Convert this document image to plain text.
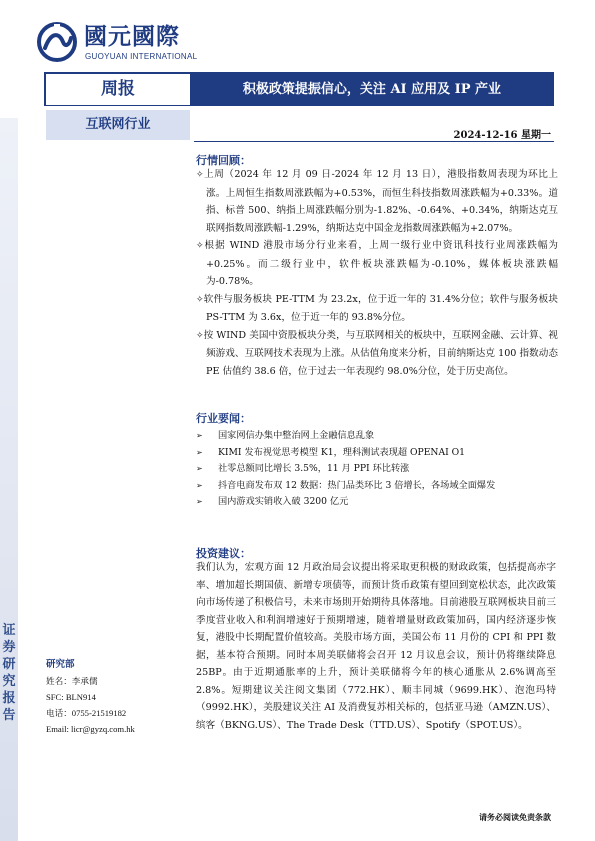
证券研究报告
國元國際
GUOYUAN INTERNATIONAL
周报	积极政策提振信心，关注 AI 应用及 IP 产业
互联网行业
2024-12-16 星期一
行情回顾：
✧上周（2024 年 12 月 09 日-2024 年 12 月 13 日），港股指数周表现为环比上涨。上周恒生指数周涨跌幅为+0.53%，而恒生科技指数周涨跌幅为+0.33%。道指、标普 500、纳指上周涨跌幅分别为-1.82%、-0.64%、+0.34%，纳斯达克互联网指数周涨跌幅-1.29%，纳斯达克中国金龙指数周涨跌幅为+2.07%。
✧根据 WIND 港股市场分行业来看，上周一级行业中资讯科技行业周涨跌幅为+0.25%。而二级行业中，软件板块涨跌幅为-0.10%，媒体板块涨跌幅为-0.78%。
✧软件与服务板块 PE-TTM 为 23.2x，位于近一年的 31.4%分位；软件与服务板块 PS-TTM 为 3.6x，位于近一年的 93.8%分位。
✧按 WIND 美国中资股板块分类，与互联网相关的板块中，互联网金融、云计算、视频游戏、互联网技术表现为上涨。从估值角度来分析，目前纳斯达克 100 指数动态 PE 估值约 38.6 倍，位于过去一年表现约 98.0%分位，处于历史高位。
行业要闻：
➢ 国家网信办集中整治网上金融信息乱象
➢ KIMI 发布视觉思考模型 K1，理科测试表现超 OPENAI O1
➢ 社零总额同比增长 3.5%，11 月 PPI 环比转涨
➢ 抖音电商发布双 12 数据：热门品类环比 3 倍增长，各场域全面爆发
➢ 国内游戏实销收入破 3200 亿元
投资建议：
我们认为，宏观方面 12 月政治局会议提出将采取更积极的财政政策，包括提高赤字率、增加超长期国债、新增专项债等，而预计货币政策有望回到宽松状态，此次政策向市场传递了积极信号，未来市场則开始期待具体落地。目前港股互联网板块目前三季度营业收入和利润增速好于预期增速，随着增量财政政策加码，国内经济逐步恢复，港股中长期配置价值较高。美股市场方面，美国公布 11 月份的 CPI 和 PPI 数据，基本符合预期。同时本周美联储将会召开 12 月议息会议，预计仍将继续降息 25BP。由于近期通胀率的上升，预计美联储将今年的核心通胀从 2.6%调高至 2.8%。短期建议关注阅文集团（772.HK）、顺丰同城（9699.HK）、泡泡玛特（9992.HK），美股建议关注 AI 及消费复苏相关标的，包括亚马逊（AMZN.US）、缤客（BKNG.US）、The Trade Desk（TTD.US）、Spotify（SPOT.US）。
研究部
姓名：李承儒
SFC: BLN914
电话：0755-21519182
Email: licr@gyzq.com.hk
请务必阅读免责条款
